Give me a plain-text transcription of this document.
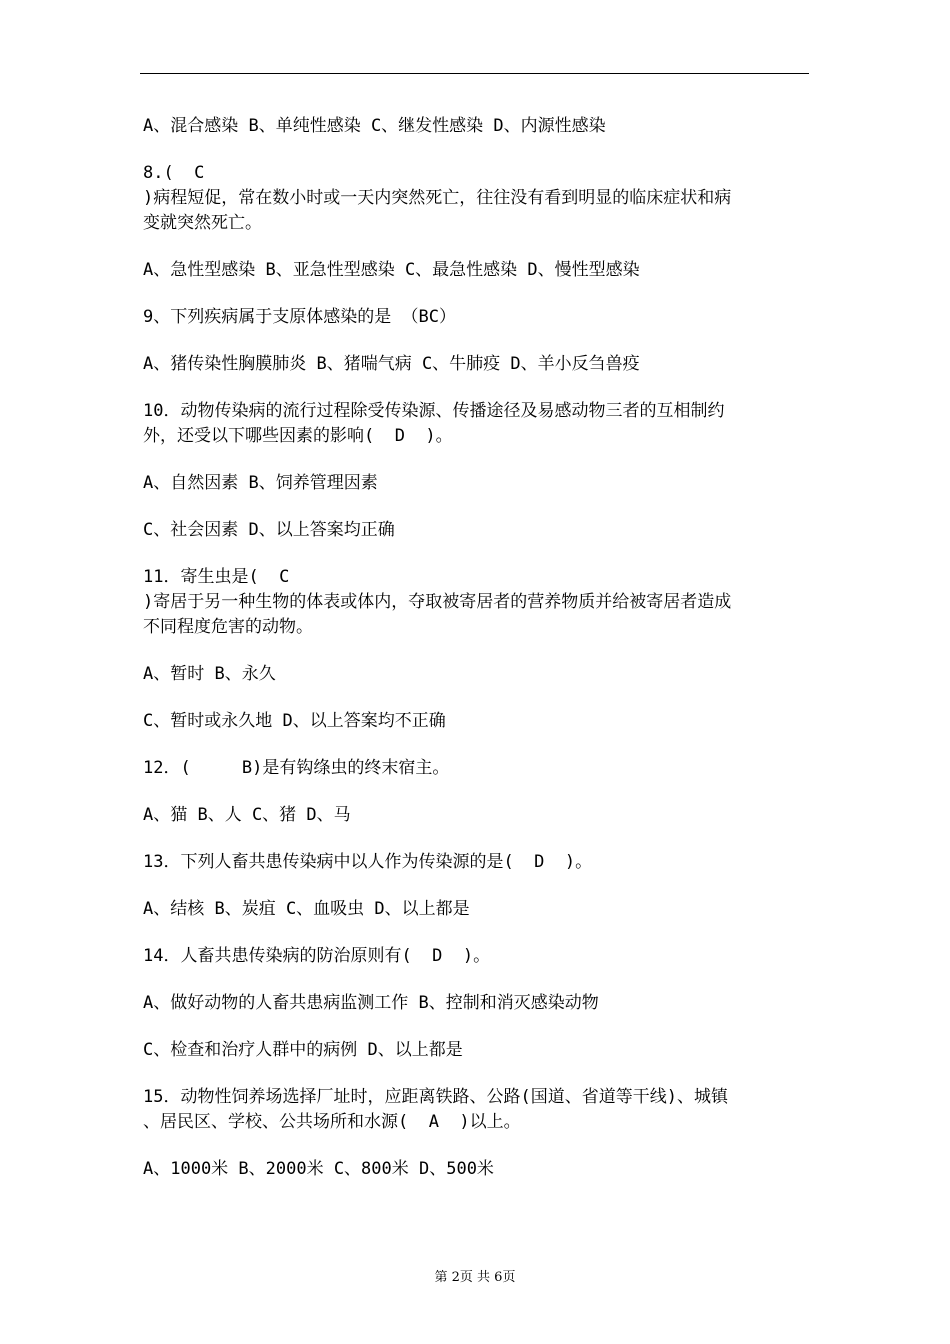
A、混合感染 B、单纯性感染 C、继发性感染 D、内源性感染
8.(  C
)病程短促，常在数小时或一天内突然死亡，往往没有看到明显的临床症状和病
变就突然死亡。
A、急性型感染 B、亚急性型感染 C、最急性感染 D、慢性型感染
9、下列疾病属于支原体感染的是 （BC）
A、猪传染性胸膜肺炎 B、猪喘气病 C、牛肺疫 D、羊小反刍兽疫
10．动物传染病的流行过程除受传染源、传播途径及易感动物三者的互相制约
外，还受以下哪些因素的影响(  D  )。
A、自然因素 B、饲养管理因素
C、社会因素 D、以上答案均正确
11．寄生虫是(  C
)寄居于另一种生物的体表或体内，夺取被寄居者的营养物质并给被寄居者造成
不同程度危害的动物。
A、暂时 B、永久
C、暂时或永久地 D、以上答案均不正确
12．(     B)是有钩绦虫的终末宿主。
A、猫 B、人 C、猪 D、马
13．下列人畜共患传染病中以人作为传染源的是(  D  )。
A、结核 B、炭疽 C、血吸虫 D、以上都是
14．人畜共患传染病的防治原则有(  D  )。
A、做好动物的人畜共患病监测工作 B、控制和消灭感染动物
C、检查和治疗人群中的病例 D、以上都是
15．动物性饲养场选择厂址时，应距离铁路、公路(国道、省道等干线)、城镇
、居民区、学校、公共场所和水源(  A  )以上。
A、1000米 B、2000米 C、800米 D、500米
第 2页 共 6页
